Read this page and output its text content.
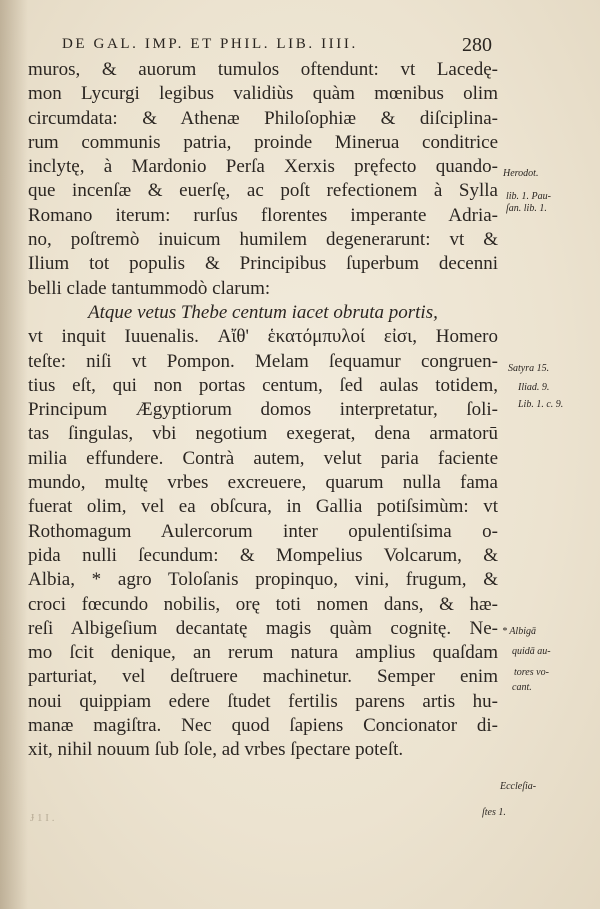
DE GAL. IMP. ET PHIL. LIB. IIII.	280
muros, & auorum tumulos oftendunt: vt Lacedę-
mon Lycurgi legibus validiùs quàm mœnibus olim
circumdata: & Athenæ Philoſophiæ & diſciplina-
rum communis patria, proinde Minerua conditrice
inclytę, à Mardonio Perſa Xerxis pręfecto quando-
que incenſæ & euerſę, ac poſt refectionem à Sylla
Romano iterum: rurſus florentes imperante Adria-
no, poſtremò inuicum humilem degenerarunt: vt &
Ilium tot populis & Principibus ſuperbum decenni
belli clade tantummodò clarum:
Atque vetus Thebe centum iacet obruta portis,
vt inquit Iuuenalis. Αἴθ' ἑκατόμπυλοί εἰσι, Homero
teſte: niſi vt Pompon. Melam ſequamur congruen-
tius eſt, qui non portas centum, ſed aulas totidem,
Principum Ægyptiorum domos interpretatur, ſoli-
tas ſingulas, vbi negotium exegerat, dena armatorū
milia effundere. Contrà autem, velut paria faciente
mundo, multę vrbes excreuere, quarum nulla fama
fuerat olim, vel ea obſcura, in Gallia potiſsimùm: vt
Rothomagum Aulercorum inter opulentiſsima o-
pida nulli ſecundum: & Mompelius Volcarum, &
Albia, * agro Toloſanis propinquo, vini, frugum, &
croci fœcundo nobilis, orę toti nomen dans, & hæ-
reſi Albigeſium decantatę magis quàm cognitę. Ne-
mo ſcit denique, an rerum natura amplius quaſdam
parturiat, vel deſtruere machinetur. Semper enim
noui quippiam edere ſtudet fertilis parens artis hu-
manæ magiſtra. Nec quod ſapiens Concionator di-
xit, nihil nouum ſub ſole, ad vrbes ſpectare poteſt.
Herodot.
lib. 1. Pau-
ſan. lib. 1.
Satyra 15.
Iliad. 9.
Lib. 1. c. 9.
* Albigā
quidā au-
tores vo-
cant.
Eccleſia-
ſtes 1.
Ɉ 1 I .
